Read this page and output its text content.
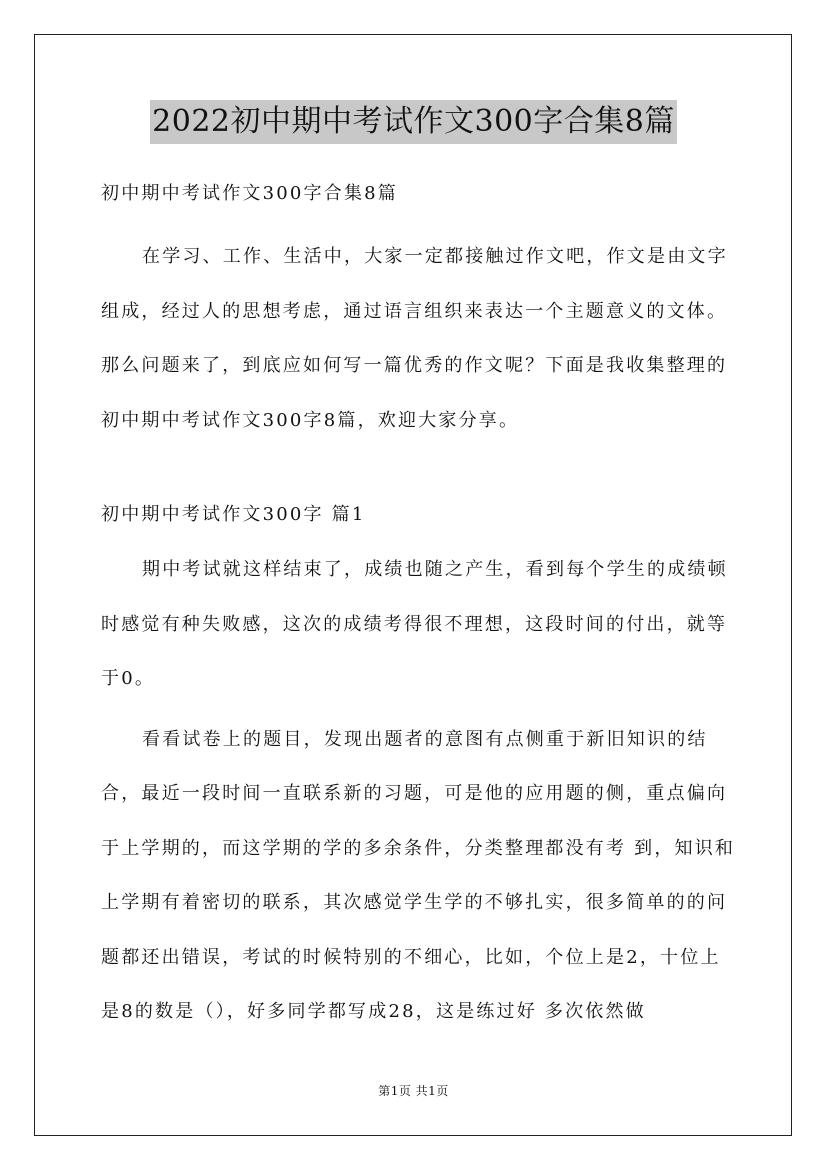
2022初中期中考试作文300字合集8篇

初中期中考试作文300字合集8篇

在学习、工作、生活中，大家一定都接触过作文吧，作文是由文字组成，经过人的思想考虑，通过语言组织来表达一个主题意义的文体。那么问题来了，到底应如何写一篇优秀的作文呢？下面是我收集整理的初中期中考试作文300字8篇，欢迎大家分享。

初中期中考试作文300字 篇1

期中考试就这样结束了，成绩也随之产生，看到每个学生的成绩顿时感觉有种失败感，这次的成绩考得很不理想，这段时间的付出，就等于0。

看看试卷上的题目，发现出题者的意图有点侧重于新旧知识的结合，最近一段时间一直联系新的习题，可是他的应用题的侧，重点偏向于上学期的，而这学期的学的多余条件，分类整理都没有考 到，知识和上学期有着密切的联系，其次感觉学生学的不够扎实，很多简单的的问题都还出错误，考试的时候特别的不细心，比如，个位上是2，十位上是8的数是（），好多同学都写成28，这是练过好 多次依然做

第1页 共1页
